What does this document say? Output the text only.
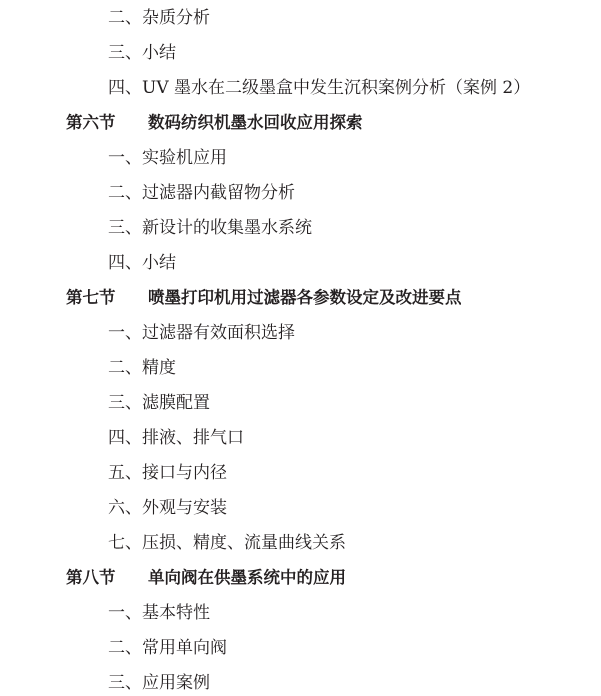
二、杂质分析
三、小结
四、UV 墨水在二级墨盒中发生沉积案例分析（案例 2）
第六节 数码纺织机墨水回收应用探索
一、实验机应用
二、过滤器内截留物分析
三、新设计的收集墨水系统
四、小结
第七节 喷墨打印机用过滤器各参数设定及改进要点
一、过滤器有效面积选择
二、精度
三、滤膜配置
四、排液、排气口
五、接口与内径
六、外观与安装
七、压损、精度、流量曲线关系
第八节 单向阀在供墨系统中的应用
一、基本特性
二、常用单向阀
三、应用案例
